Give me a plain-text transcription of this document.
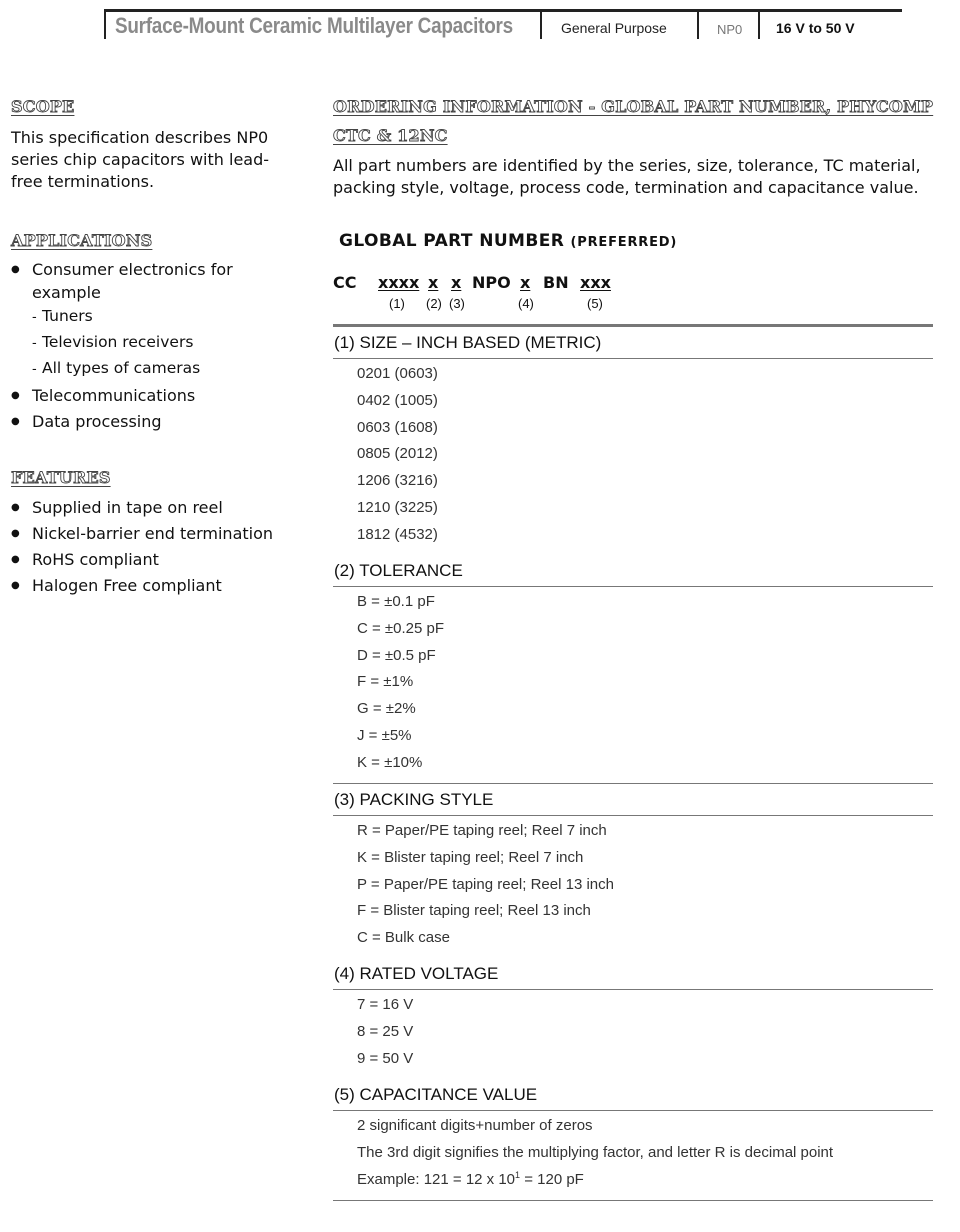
Surface-Mount Ceramic Multilayer Capacitors	General Purpose	NP0 16 V to 50 V
SCOPE
This specification describes NP0 series chip capacitors with lead-free terminations.
APPLICATIONS
● Consumer electronics for example
- Tuners
- Television receivers
- All types of cameras
● Telecommunications
● Data processing
FEATURES
● Supplied in tape on reel
● Nickel-barrier end termination
● RoHS compliant
● Halogen Free compliant
ORDERING INFORMATION - GLOBAL PART NUMBER, PHYCOMP
CTC & 12NC
All part numbers are identified by the series, size, tolerance, TC material, packing style, voltage, process code, termination and capacitance value.
GLOBAL PART NUMBER (PREFERRED)
CC xxxx x x NPO x BN xxx
(1) (2) (3)	(4)	(5)
(1) SIZE – INCH BASED (METRIC)
0201 (0603)
0402 (1005)
0603 (1608)
0805 (2012)
1206 (3216)
1210 (3225)
1812 (4532)
(2) TOLERANCE
B = ±0.1 pF
C = ±0.25 pF
D = ±0.5 pF
F = ±1%
G = ±2%
J = ±5%
K = ±10%
(3) PACKING STYLE
R = Paper/PE taping reel; Reel 7 inch
K = Blister taping reel; Reel 7 inch
P = Paper/PE taping reel; Reel 13 inch
F = Blister taping reel; Reel 13 inch
C = Bulk case
(4) RATED VOLTAGE
7 = 16 V
8 = 25 V
9 = 50 V
(5) CAPACITANCE VALUE
2 significant digits+number of zeros
The 3rd digit signifies the multiplying factor, and letter R is decimal point
Example: 121 = 12 x $10^1 = 120$ pF
